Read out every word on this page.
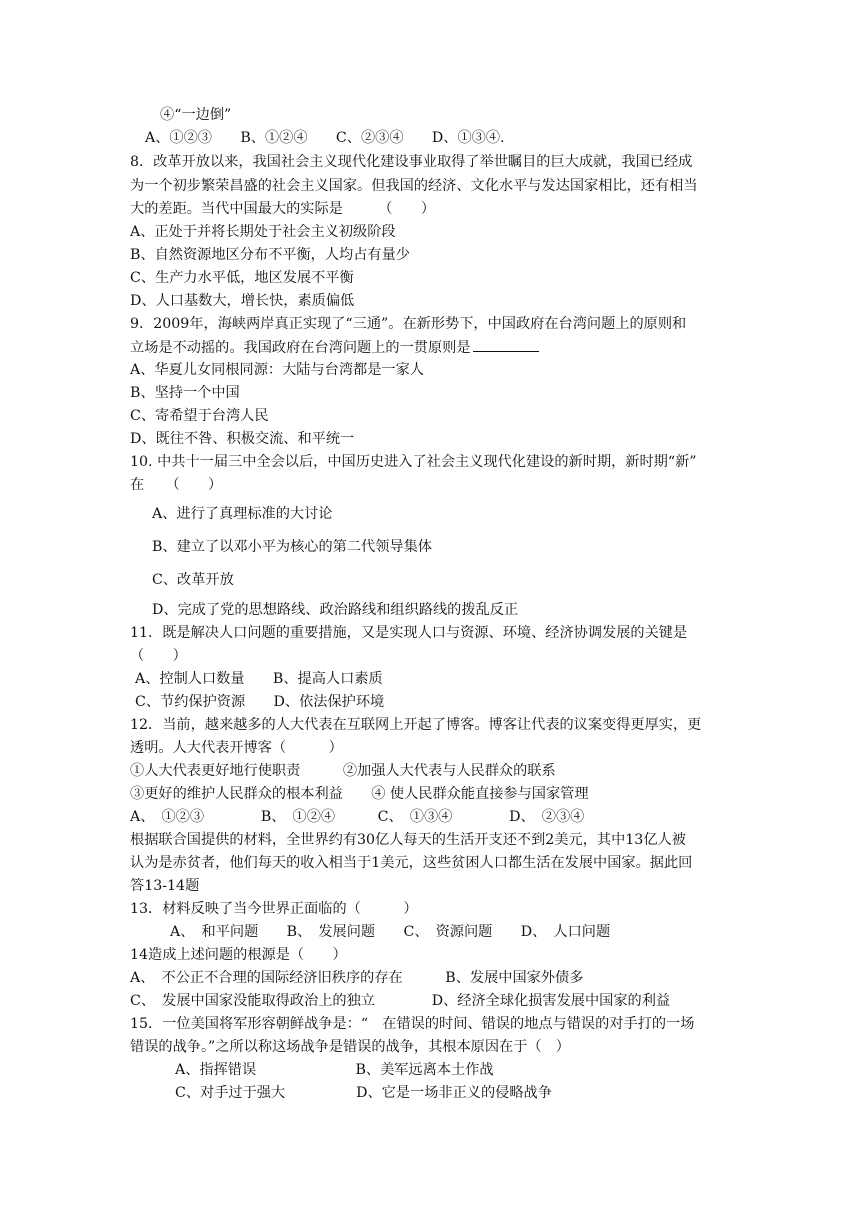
④“一边倒”
A、①②③　　B、①②④　　C、②③④　　D、①③④.
8．改革开放以来，我国社会主义现代化建设事业取得了举世瞩目的巨大成就，我国已经成
为一个初步繁荣昌盛的社会主义国家。但我国的经济、文化水平与发达国家相比，还有相当
大的差距。当代中国最大的实际是　　　（　　）
A、正处于并将长期处于社会主义初级阶段
B、自然资源地区分布不平衡，人均占有量少
C、生产力水平低，地区发展不平衡
D、人口基数大，增长快，素质偏低
9．2009年，海峡两岸真正实现了“三通”。在新形势下，中国政府在台湾问题上的原则和
立场是不动摇的。我国政府在台湾问题上的一贯原则是
A、华夏儿女同根同源：大陆与台湾都是一家人
B、坚持一个中国
C、寄希望于台湾人民
D、既往不咎、积极交流、和平统一
10. 中共十一届三中全会以后，中国历史进入了社会主义现代化建设的新时期，新时期“新”
在　　（　　）
A、进行了真理标准的大讨论
B、建立了以邓小平为核心的第二代领导集体
C、改革开放
D、完成了党的思想路线、政治路线和组织路线的拨乱反正
11．既是解决人口问题的重要措施，又是实现人口与资源、环境、经济协调发展的关键是
（　　）
A、控制人口数量　　B、提高人口素质
C、节约保护资源　　D、依法保护环境
12．当前，越来越多的人大代表在互联网上开起了博客。博客让代表的议案变得更厚实，更
透明。人大代表开博客（　　　）
①人大代表更好地行使职责　　　②加强人大代表与人民群众的联系
③更好的维护人民群众的根本利益　　④ 使人民群众能直接参与国家管理
A、　①②③　　　　B、　①②④　　　C、　①③④　　　　D、　②③④
根据联合国提供的材料，全世界约有30亿人每天的生活开支还不到2美元，其中13亿人被
认为是赤贫者，他们每天的收入相当于1美元，这些贫困人口都生活在发展中国家。据此回
答13-14题
13．材料反映了当今世界正面临的（　　　）
A、　和平问题　　B、　发展问题　　C、　资源问题　　D、　人口问题
14造成上述问题的根源是（　　）
A、　不公正不合理的国际经济旧秩序的存在　　　B、发展中国家外债多
C、　发展中国家没能取得政治上的独立　　　　D、经济全球化损害发展中国家的利益
15．一位美国将军形容朝鲜战争是：“　在错误的时间、错误的地点与错误的对手打的一场
错误的战争。”之所以称这场战争是错误的战争，其根本原因在于（　）
A、指挥错误　　　　　　　B、美军远离本土作战
C、对手过于强大　　　　　D、它是一场非正义的侵略战争
